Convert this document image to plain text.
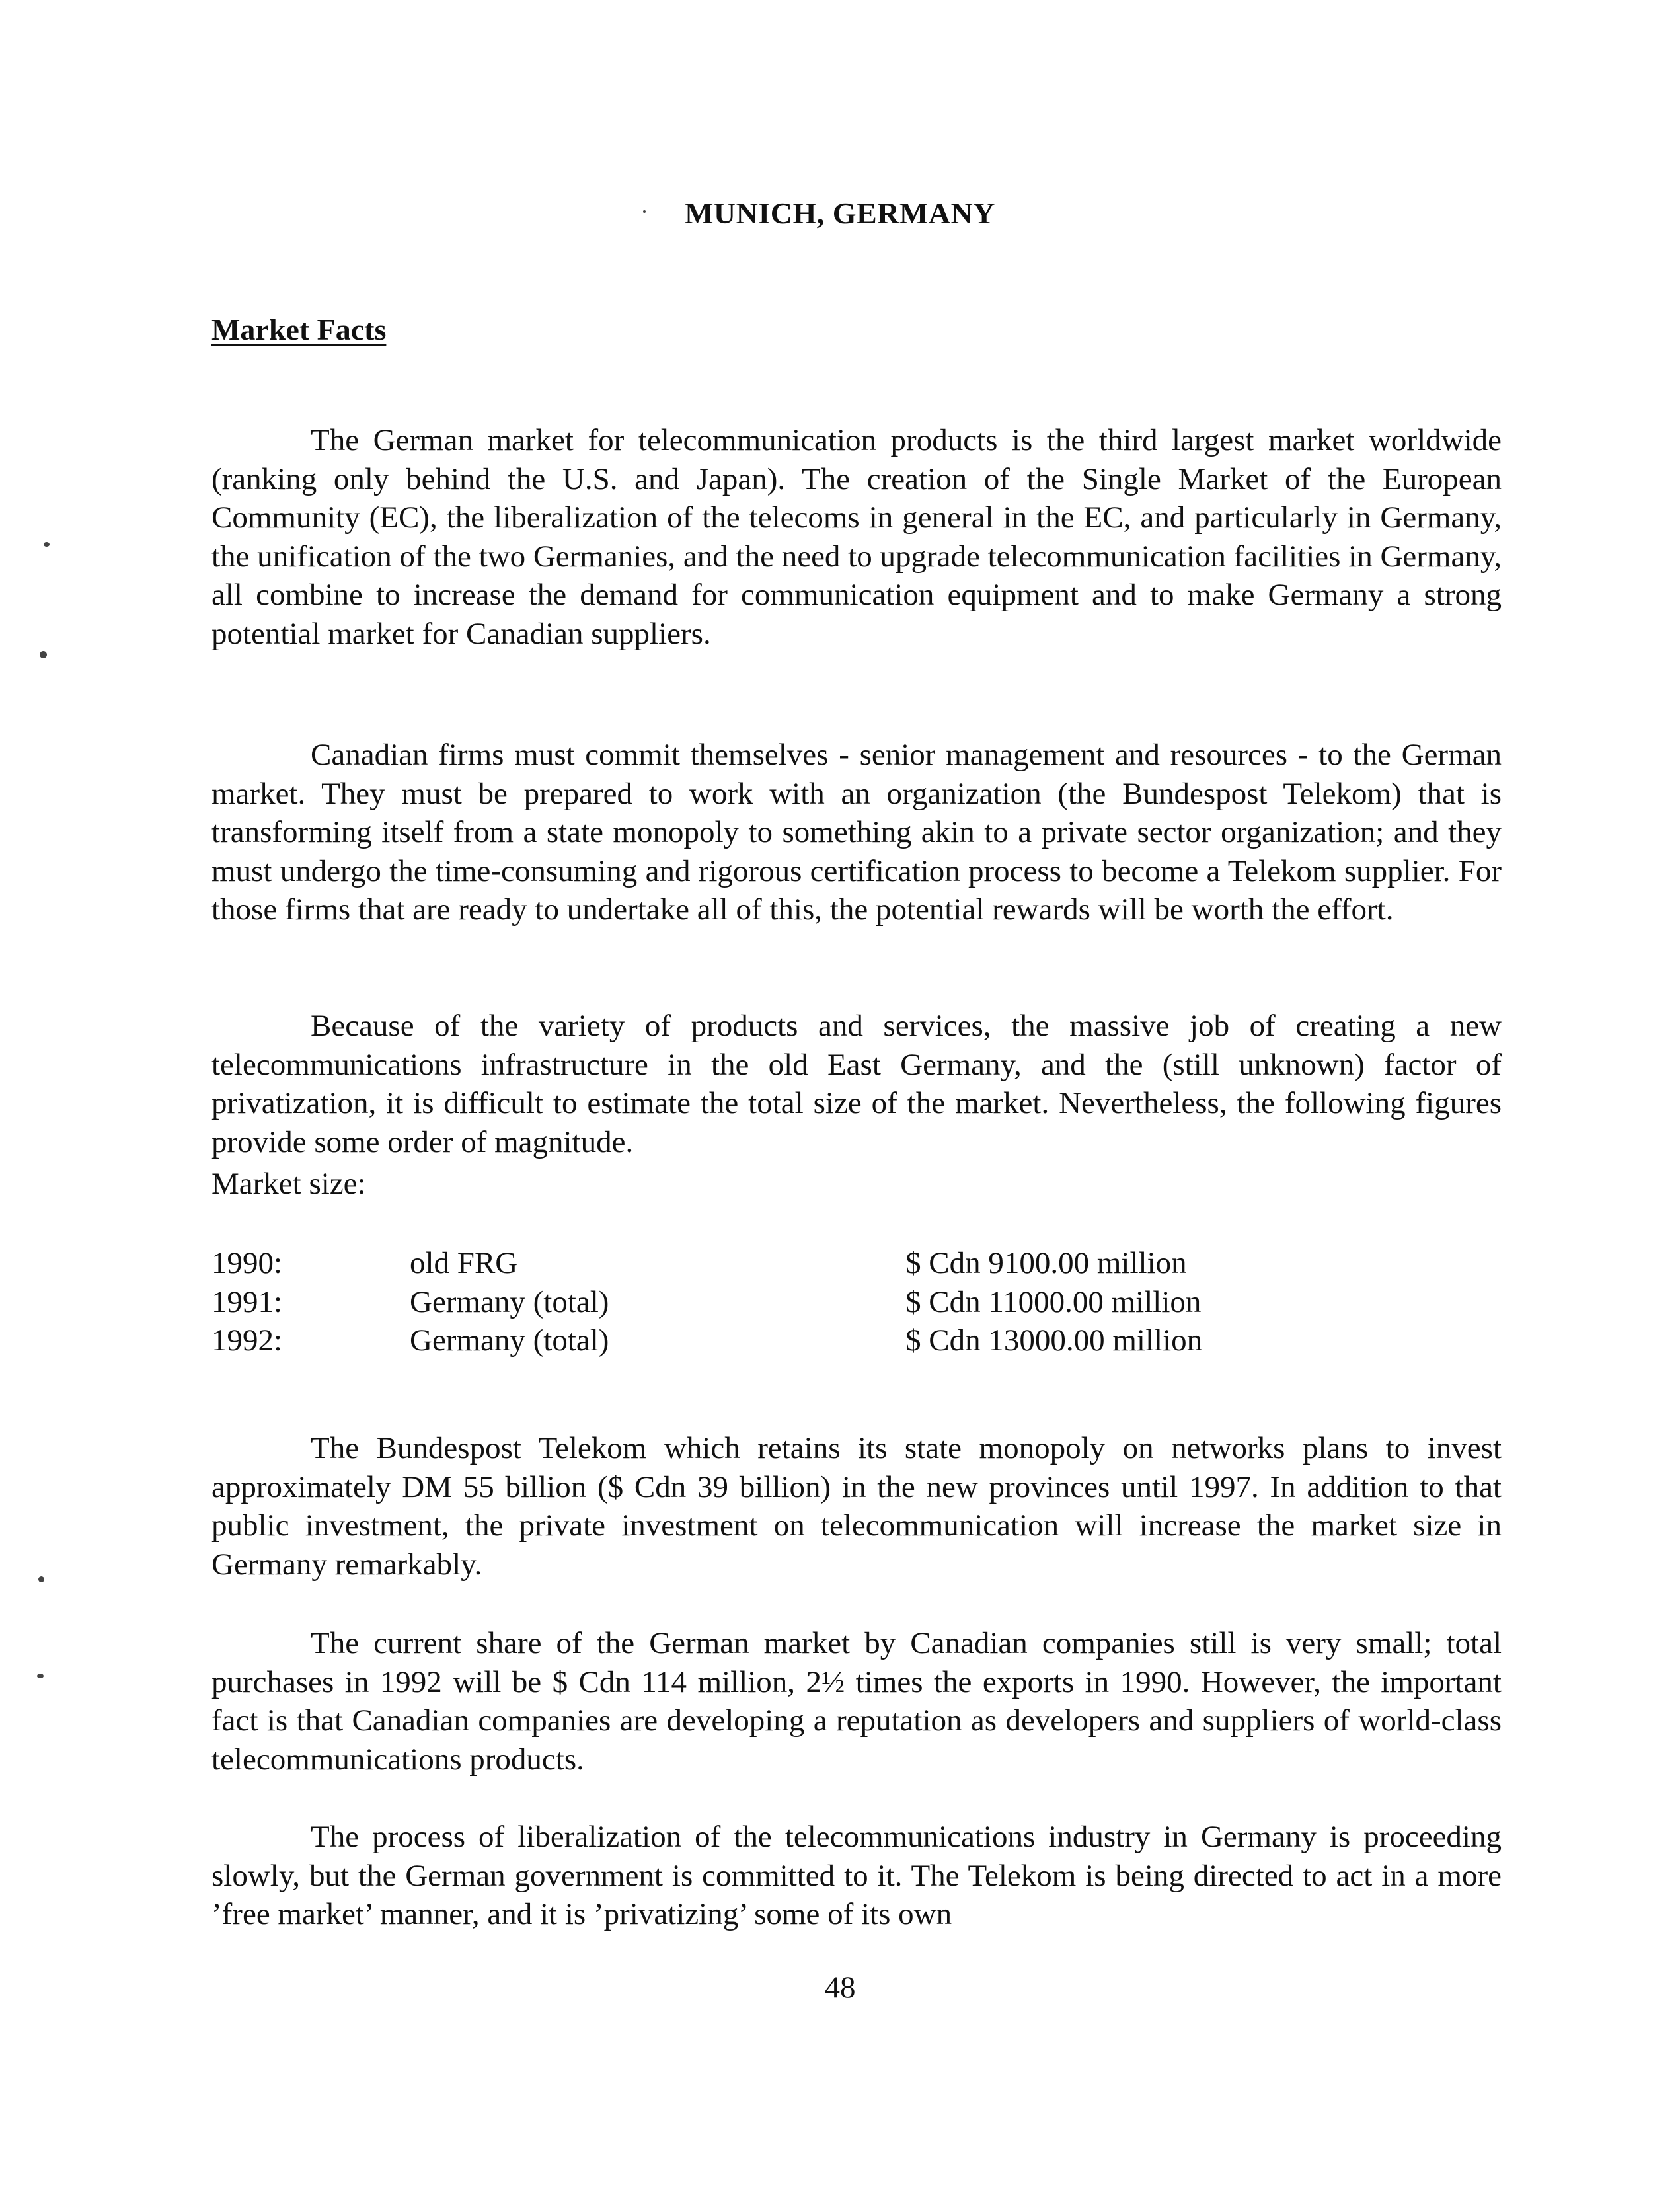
MUNICH, GERMANY
Market Facts

The German market for telecommunication products is the third largest market worldwide (ranking only behind the U.S. and Japan). The creation of the Single Market of the European Community (EC), the liberalization of the telecoms in general in the EC, and particularly in Germany, the unification of the two Germanies, and the need to upgrade telecommunication facilities in Germany, all combine to increase the demand for communication equipment and to make Germany a strong potential market for Canadian suppliers.

Canadian firms must commit themselves - senior management and resources - to the German market. They must be prepared to work with an organization (the Bundespost Telekom) that is transforming itself from a state monopoly to something akin to a private sector organization; and they must undergo the time-consuming and rigorous certification process to become a Telekom supplier. For those firms that are ready to undertake all of this, the potential rewards will be worth the effort.

Because of the variety of products and services, the massive job of creating a new telecommunications infrastructure in the old East Germany, and the (still unknown) factor of privatization, it is difficult to estimate the total size of the market. Nevertheless, the following figures provide some order of magnitude.

Market size:
1990:	old FRG	$ Cdn 9100.00 million
1991:	Germany (total)	$ Cdn 11000.00 million
1992:	Germany (total)	$ Cdn 13000.00 million

The Bundespost Telekom which retains its state monopoly on networks plans to invest approximately DM 55 billion ($ Cdn 39 billion) in the new provinces until 1997. In addition to that public investment, the private investment on telecommunication will increase the market size in Germany remarkably.

The current share of the German market by Canadian companies still is very small; total purchases in 1992 will be $ Cdn 114 million, 2½ times the exports in 1990. However, the important fact is that Canadian companies are developing a reputation as developers and suppliers of world-class telecommunications products.

The process of liberalization of the telecommunications industry in Germany is proceeding slowly, but the German government is committed to it. The Telekom is being directed to act in a more ’free market’ manner, and it is ’privatizing’ some of its own

48
